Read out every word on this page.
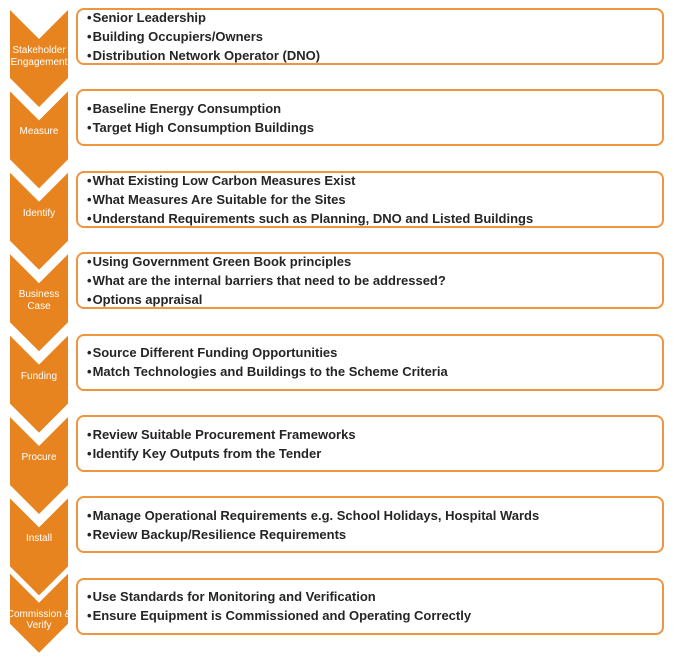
Stakeholder Engagement
•Senior Leadership
•Building Occupiers/Owners
•Distribution Network Operator (DNO)
Measure
•Baseline Energy Consumption
•Target High Consumption Buildings
Identify
•What Existing Low Carbon Measures Exist
•What Measures Are Suitable for the Sites
•Understand Requirements such as Planning, DNO and Listed Buildings
Business Case
•Using Government Green Book principles
•What are the internal barriers that need to be addressed?
•Options appraisal
Funding
•Source Different Funding Opportunities
•Match Technologies and Buildings to the Scheme Criteria
Procure
•Review Suitable Procurement Frameworks
•Identify Key Outputs from the Tender
Install
•Manage Operational Requirements e.g. School Holidays, Hospital Wards
•Review Backup/Resilience Requirements
Commission & Verify
•Use Standards for Monitoring and Verification
•Ensure Equipment is Commissioned and Operating Correctly
